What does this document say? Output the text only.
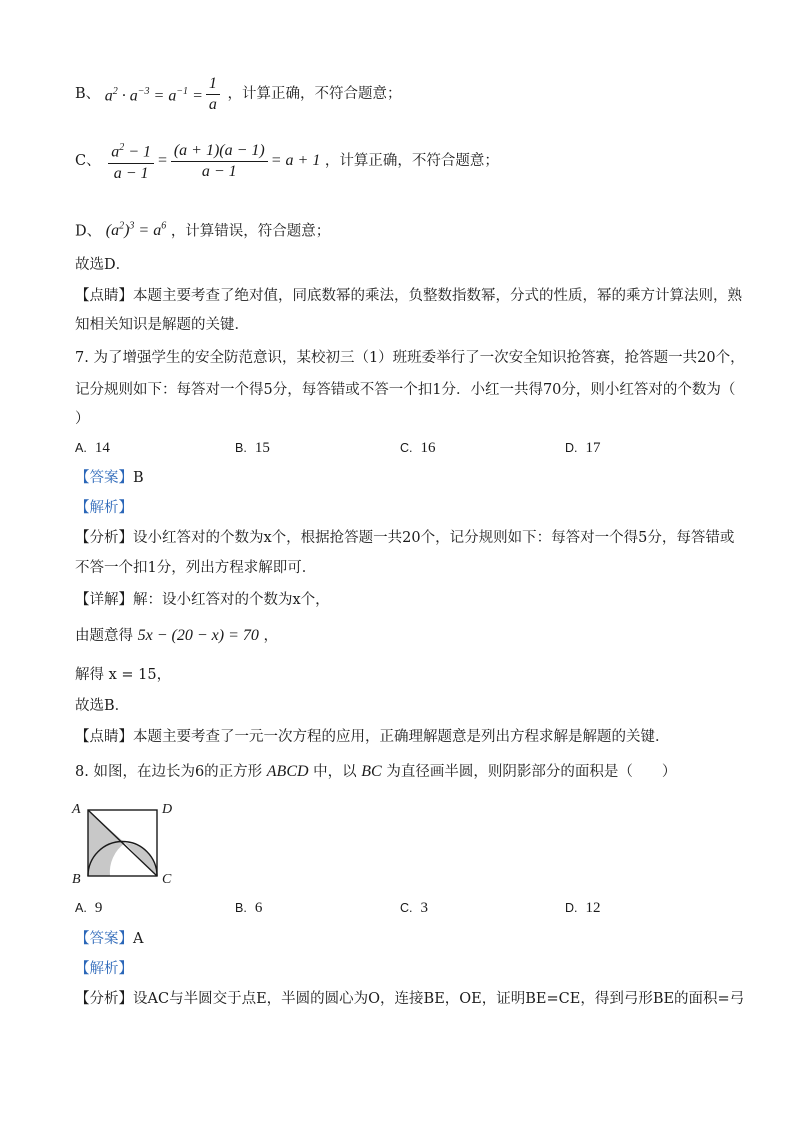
B、 $a^2 \cdot a^{-3} = a^{-1} = \frac{1}{a}$ ，计算正确，不符合题意；
C、 $\frac{a^2 - 1}{a - 1} = \frac{(a + 1)(a - 1)}{a - 1} = a + 1$ ，计算正确，不符合题意；
D、 $(a^2)^3 = a^6$ ，计算错误，符合题意；
故选D．
【点睛】本题主要考查了绝对值，同底数幂的乘法，负整数指数幂，分式的性质，幂的乘方计算法则，熟
知相关知识是解题的关键．
7. 为了增强学生的安全防范意识，某校初三（1）班班委举行了一次安全知识抢答赛，抢答题一共20个，
记分规则如下：每答对一个得5分，每答错或不答一个扣1分．小红一共得70分，则小红答对的个数为（
）
A. 14	B. 15	C. 16	D. 17
【答案】B
【解析】
【分析】设小红答对的个数为x个，根据抢答题一共20个，记分规则如下：每答对一个得5分，每答错或
不答一个扣1分，列出方程求解即可．
【详解】解：设小红答对的个数为x个，
由题意得 5x − (20 − x) = 70 ，
解得 x = 15，
故选B．
【点睛】本题主要考查了一元一次方程的应用，正确理解题意是列出方程求解是解题的关键．
8. 如图，在边长为6的正方形 ABCD 中，以 BC 为直径画半圆，则阴影部分的面积是（　　）
A	D
B	C
A. 9	B. 6	C. 3	D. 12
【答案】A
【解析】
【分析】设AC与半圆交于点E，半圆的圆心为O，连接BE，OE，证明BE=CE，得到弓形BE的面积=弓
